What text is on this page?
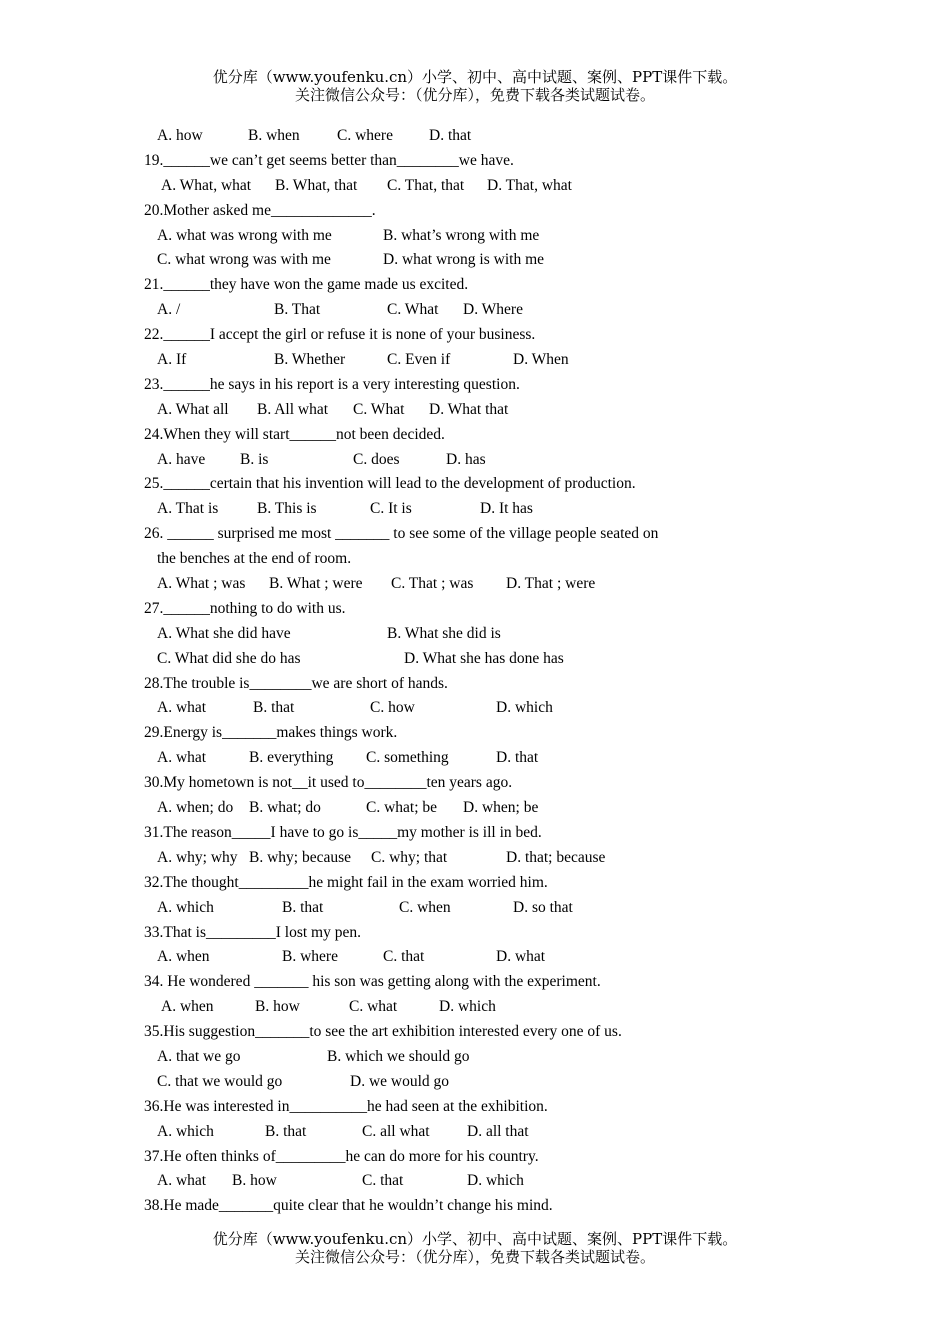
优分库（www.youfenku.cn）小学、初中、高中试题、案例、PPT课件下载。
关注微信公众号：（优分库），免费下载各类试题试卷。
A. how	B. when C. where D. that
19.______we can’t get seems better than________we have.
A. What, what B. What, that C. That, that D. That, what
20.Mother asked me_____________.
A. what was wrong with me	B. what’s wrong with me
C. what wrong was with me	D. what wrong is with me
21.______they have won the game made us excited.
A. /	B. That	C. What D. Where
22.______I accept the girl or refuse it is none of your business.
A. If	B. Whether	C. Even if	D. When
23.______he says in his report is a very interesting question.
A. What all B. All what C. What D. What that
24.When they will start______not been decided.
A. have B. is	C. does	D. has
25.______certain that his invention will lead to the development of production.
A. That is B. This is	C. It is	D. It has
26. ______ surprised me most _______ to see some of the village people seated on
the benches at the end of room.
A. What ; was B. What ; were C. That ; was D. That ; were
27.______nothing to do with us.
A. What she did have	B. What she did is
C. What did she do has	D. What she has done has
28.The trouble is________we are short of hands.
A. what	B. that	C. how	D. which
29.Energy is_______makes things work.
A. what	B. everything C. something	D. that
30.My hometown is not__it used to________ten years ago.
A. when; do B. what; do	C. what; be D. when; be
31.The reason_____I have to go is_____my mother is ill in bed.
A. why; why B. why; because C. why; that	D. that; because
32.The thought_________he might fail in the exam worried him.
A. which	B. that	C. when	D. so that
33.That is_________I lost my pen.
A. when	B. where	C. that	D. what
34. He wondered _______ his son was getting along with the experiment.
A. when	B. how	C. what	D. which
35.His suggestion_______to see the art exhibition interested every one of us.
A. that we go	B. which we should go
C. that we would go	D. we would go
36.He was interested in__________he had seen at the exhibition.
A. which	B. that	C. all what D. all that
37.He often thinks of_________he can do more for his country.
A. what B. how	C. that	D. which
38.He made_______quite clear that he wouldn’t change his mind.
优分库（www.youfenku.cn）小学、初中、高中试题、案例、PPT课件下载。
关注微信公众号：（优分库），免费下载各类试题试卷。
